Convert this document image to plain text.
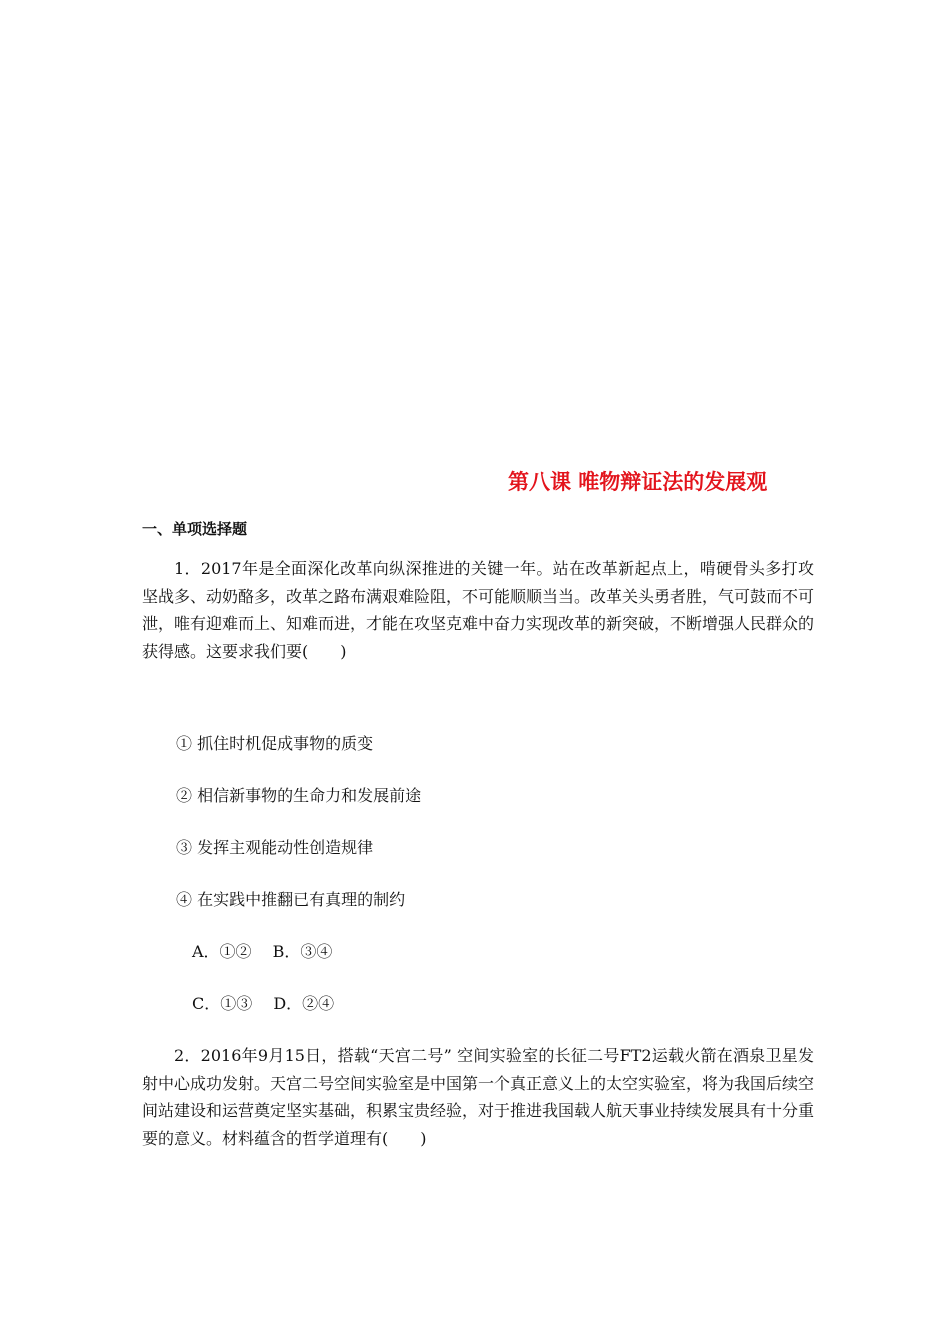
第八课 唯物辩证法的发展观
一、单项选择题
1．2017年是全面深化改革向纵深推进的关键一年。站在改革新起点上，啃硬骨头多打攻坚战多、动奶酪多，改革之路布满艰难险阻，不可能顺顺当当。改革关头勇者胜，气可鼓而不可泄，唯有迎难而上、知难而进，才能在攻坚克难中奋力实现改革的新突破，不断增强人民群众的获得感。这要求我们要(　　)
① 抓住时机促成事物的质变
② 相信新事物的生命力和发展前途
③ 发挥主观能动性创造规律
④ 在实践中推翻已有真理的制约
A．①②　 B．③④
C．①③　 D．②④
2．2016年9月15日，搭载“天宫二号” 空间实验室的长征二号FT2运载火箭在酒泉卫星发射中心成功发射。天宫二号空间实验室是中国第一个真正意义上的太空实验室，将为我国后续空间站建设和运营奠定坚实基础，积累宝贵经验，对于推进我国载人航天事业持续发展具有十分重要的意义。材料蕴含的哲学道理有(　　)
